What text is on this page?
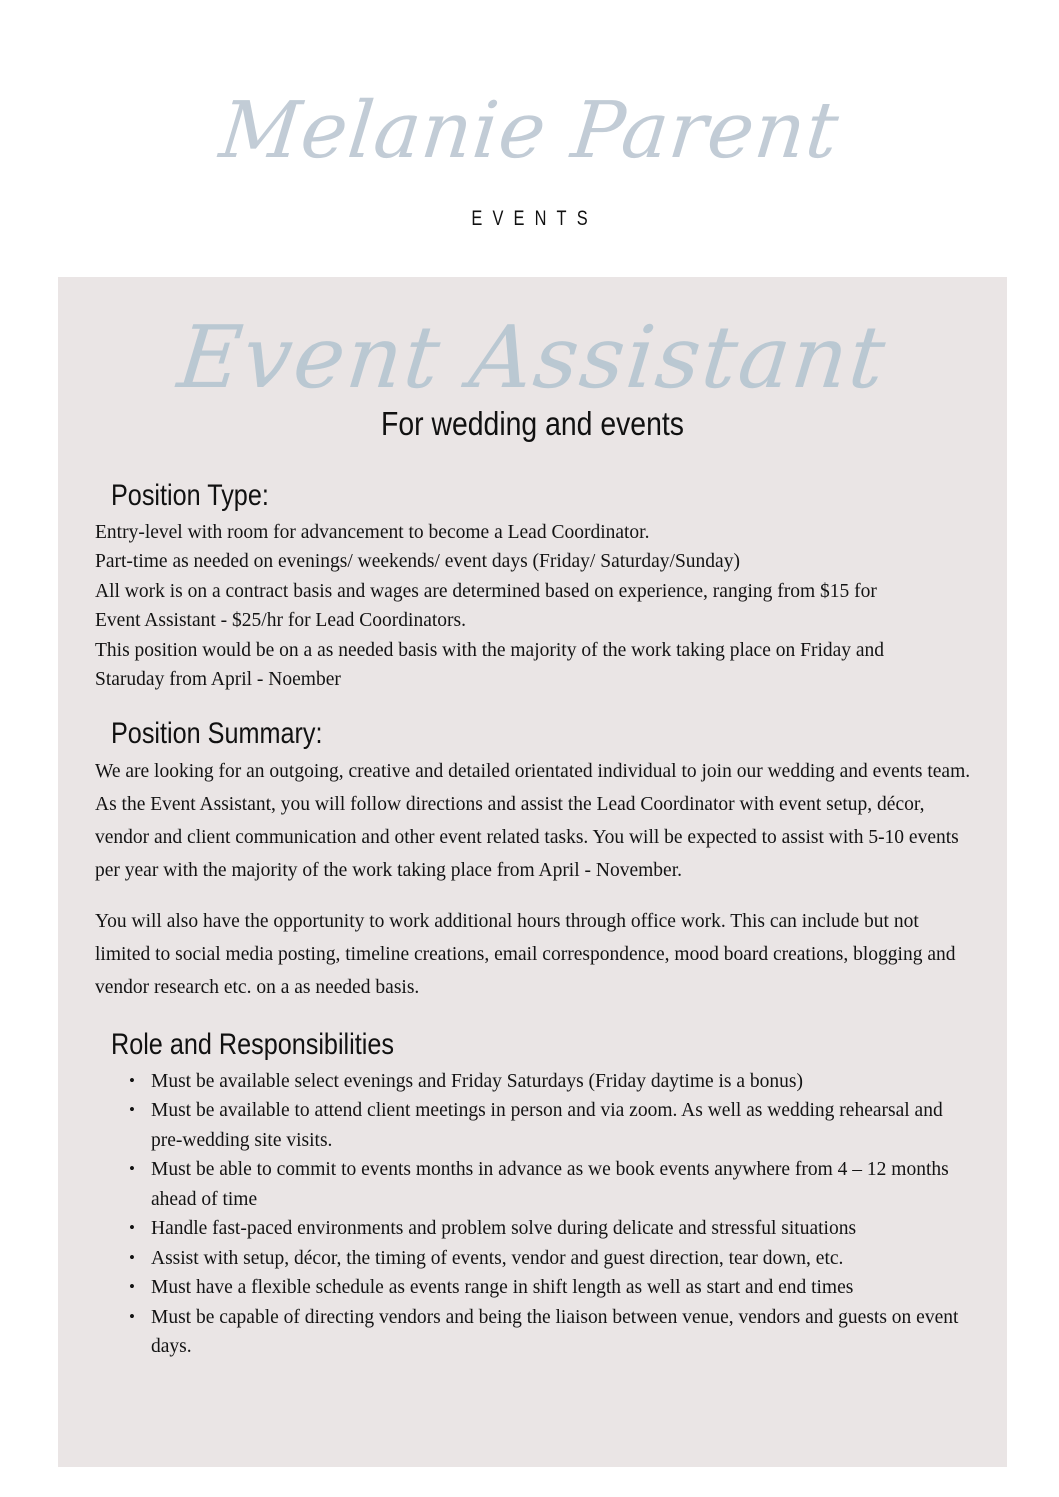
Melanie Parent
EVENTS
Event Assistant
For wedding and events
Position Type:

Entry-level with room for advancement to become a Lead Coordinator.

Part-time as needed on evenings/ weekends/ event days (Friday/ Saturday/Sunday)

All work is on a contract basis and wages are determined based on experience, ranging from $15 for

Event Assistant - $25/hr for Lead Coordinators.

This position would be on a as needed basis with the majority of the work taking place on Friday and

Staruday from April - Noember

Position Summary:

We are looking for an outgoing, creative and detailed orientated individual to join our wedding and events team. As the Event Assistant, you will follow directions and assist the Lead Coordinator with event setup, décor, vendor and client communication and other event related tasks. You will be expected to assist with 5-10 events per year with the majority of the work taking place from April - November.

You will also have the opportunity to work additional hours through office work. This can include but not limited to social media posting, timeline creations, email correspondence, mood board creations, blogging and vendor research etc. on a as needed basis.

Role and Responsibilities
• Must be available select evenings and Friday Saturdays (Friday daytime is a bonus)
• Must be available to attend client meetings in person and via zoom. As well as wedding rehearsal and pre-wedding site visits.
• Must be able to commit to events months in advance as we book events anywhere from 4 – 12 months ahead of time
• Handle fast-paced environments and problem solve during delicate and stressful situations
• Assist with setup, décor, the timing of events, vendor and guest direction, tear down, etc.
• Must have a flexible schedule as events range in shift length as well as start and end times
• Must be capable of directing vendors and being the liaison between venue, vendors and guests on event days.
